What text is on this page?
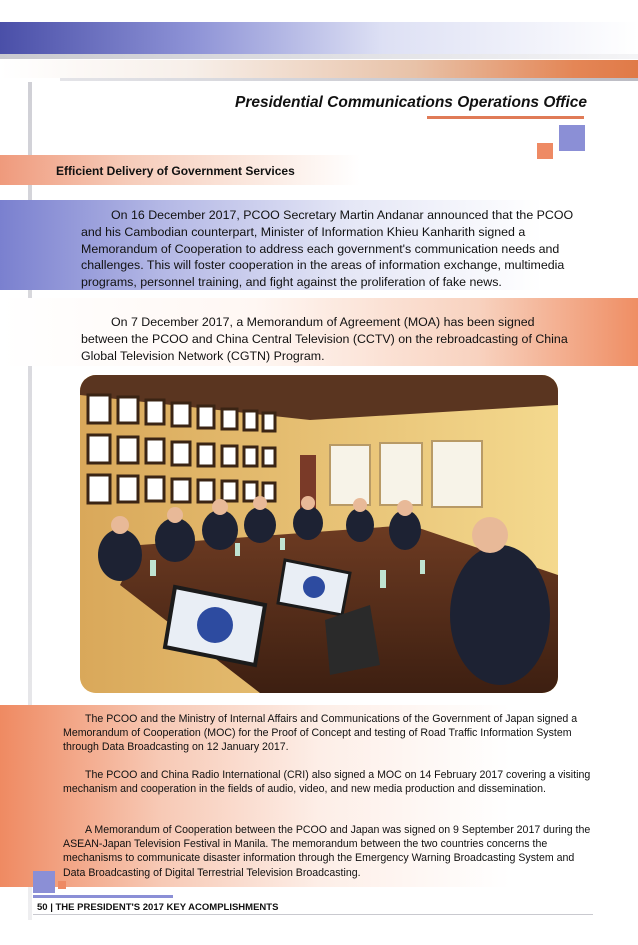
Presidential Communications Operations Office
Efficient Delivery of Government Services
On 16 December 2017, PCOO Secretary Martin Andanar announced that the PCOO and his Cambodian counterpart, Minister of Information Khieu Kanharith signed a Memorandum of Cooperation to address each government's communication needs and challenges. This will foster cooperation in the areas of information exchange, multimedia programs, personnel training, and fight against the proliferation of fake news.
On 7 December 2017, a Memorandum of Agreement (MOA) has been signed between the PCOO and China Central Television (CCTV) on the rebroadcasting of China Global Television Network (CGTN) Program.
The PCOO and the Ministry of Internal Affairs and Communications of the Government of Japan signed a Memorandum of Cooperation (MOC) for the Proof of Concept and testing of Road Traffic Information System through Data Broadcasting on 12 January 2017.
The PCOO and China Radio International (CRI) also signed a MOC on 14 February 2017 covering a visiting mechanism and cooperation in the fields of audio, video, and new media production and dissemination.
A Memorandum of Cooperation between the PCOO and Japan was signed on 9 September 2017 during the ASEAN-Japan Television Festival in Manila. The memorandum between the two countries concerns the mechanisms to communicate disaster information through the Emergency Warning Broadcasting System and Data Broadcasting of Digital Terrestrial Television Broadcasting.
50 | THE PRESIDENT'S 2017 KEY ACOMPLISHMENTS
